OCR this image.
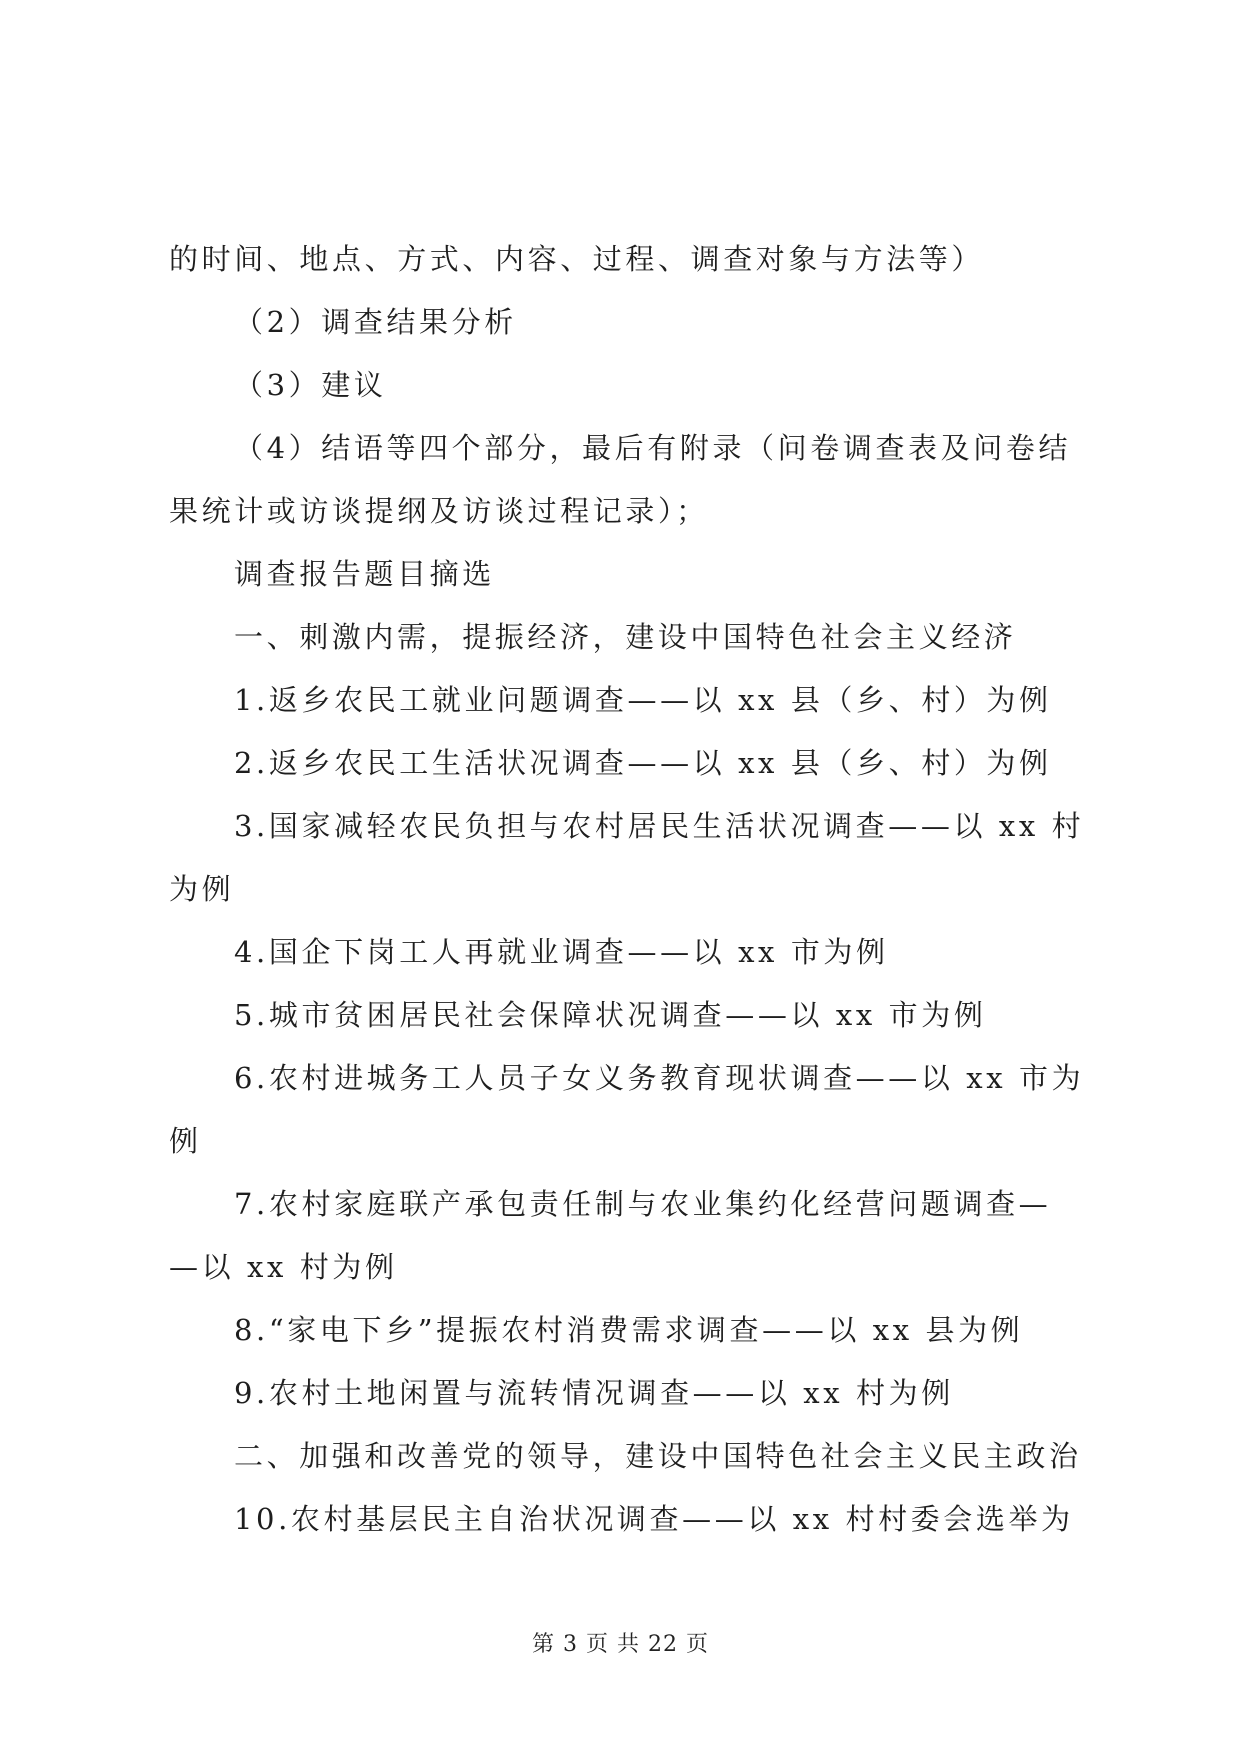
的时间、地点、方式、内容、过程、调查对象与方法等）
（2）调查结果分析
（3）建议
（4）结语等四个部分，最后有附录（问卷调查表及问卷结
果统计或访谈提纲及访谈过程记录）；
调查报告题目摘选
一、刺激内需，提振经济，建设中国特色社会主义经济
1.返乡农民工就业问题调查——以 xx 县（乡、村）为例
2.返乡农民工生活状况调查——以 xx 县（乡、村）为例
3.国家减轻农民负担与农村居民生活状况调查——以 xx 村
为例
4.国企下岗工人再就业调查——以 xx 市为例
5.城市贫困居民社会保障状况调查——以 xx 市为例
6.农村进城务工人员子女义务教育现状调查——以 xx 市为
例
7.农村家庭联产承包责任制与农业集约化经营问题调查—
—以 xx 村为例
8.“家电下乡”提振农村消费需求调查——以 xx 县为例
9.农村土地闲置与流转情况调查——以 xx 村为例
二、加强和改善党的领导，建设中国特色社会主义民主政治
10.农村基层民主自治状况调查——以 xx 村村委会选举为
第 3 页 共 22 页
